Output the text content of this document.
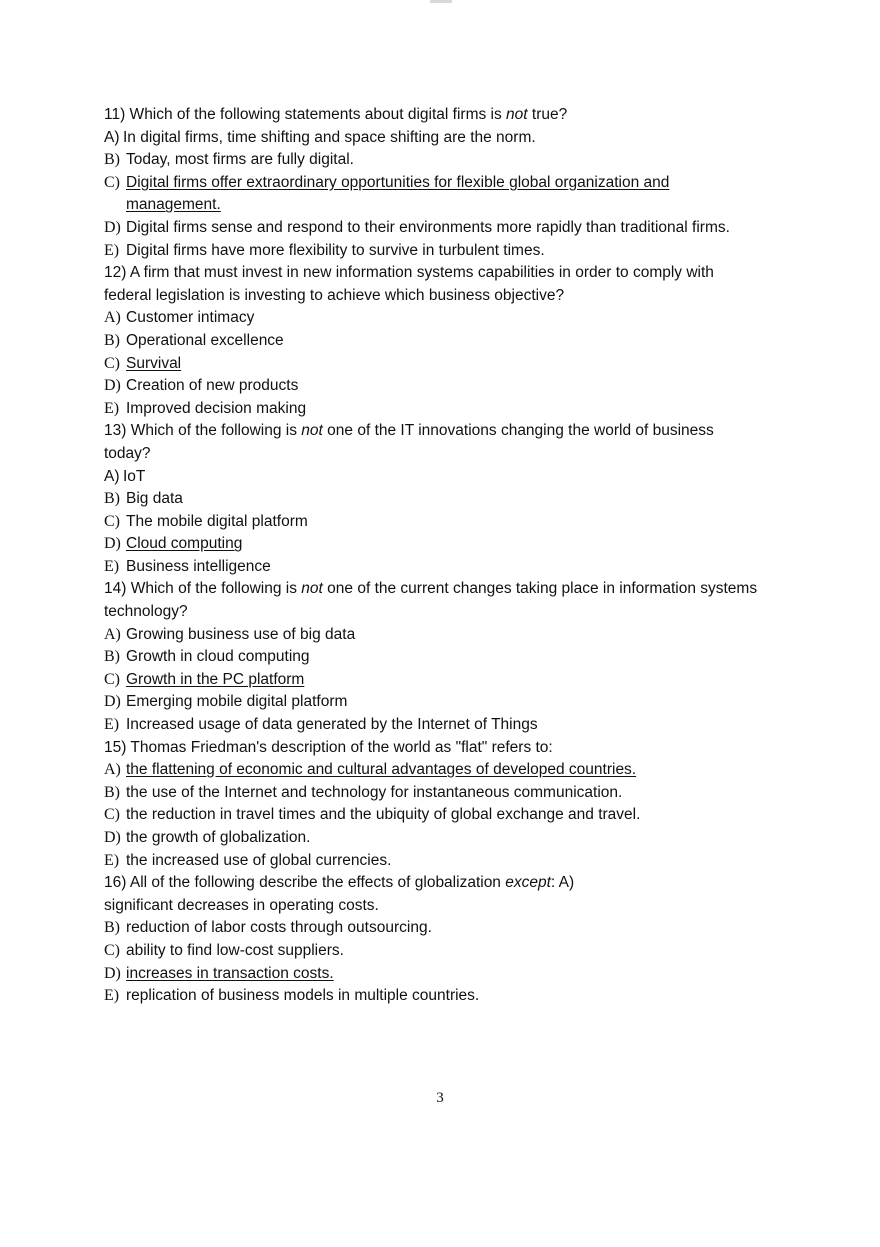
11) Which of the following statements about digital firms is not true?
A) In digital firms, time shifting and space shifting are the norm.
B) Today, most firms are fully digital.
C) Digital firms offer extraordinary opportunities for flexible global organization and management.
D) Digital firms sense and respond to their environments more rapidly than traditional firms.
E) Digital firms have more flexibility to survive in turbulent times.
12) A firm that must invest in new information systems capabilities in order to comply with federal legislation is investing to achieve which business objective?
A) Customer intimacy
B) Operational excellence
C) Survival
D) Creation of new products
E) Improved decision making
13) Which of the following is not one of the IT innovations changing the world of business today?
A) IoT
B) Big data
C) The mobile digital platform
D) Cloud computing
E) Business intelligence
14) Which of the following is not one of the current changes taking place in information systems technology?
A) Growing business use of big data
B) Growth in cloud computing
C) Growth in the PC platform
D) Emerging mobile digital platform
E) Increased usage of data generated by the Internet of Things
15) Thomas Friedman's description of the world as "flat" refers to:
A) the flattening of economic and cultural advantages of developed countries.
B) the use of the Internet and technology for instantaneous communication.
C) the reduction in travel times and the ubiquity of global exchange and travel.
D) the growth of globalization.
E) the increased use of global currencies.
16) All of the following describe the effects of globalization except: A)
significant decreases in operating costs.
B) reduction of labor costs through outsourcing.
C) ability to find low-cost suppliers.
D) increases in transaction costs.
E) replication of business models in multiple countries.
3
